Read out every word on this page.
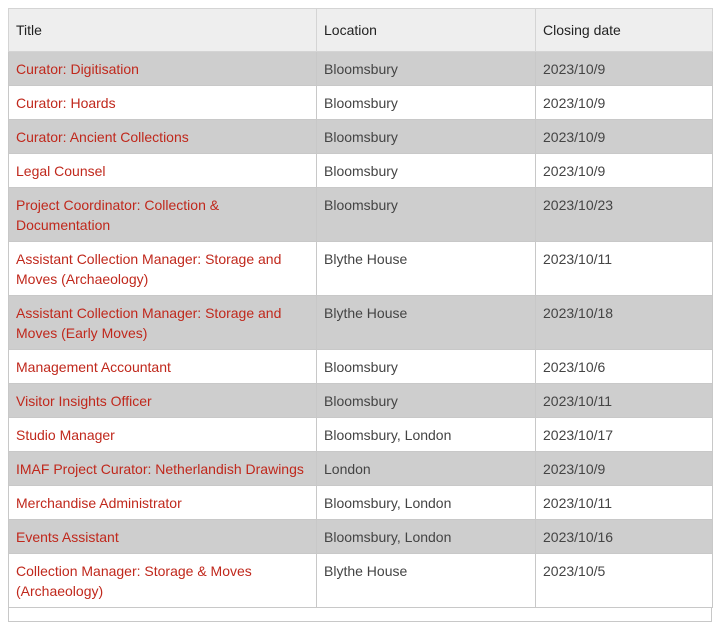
Title	Location	Closing date
Curator: Digitisation	Bloomsbury	2023/10/9
Curator: Hoards	Bloomsbury	2023/10/9
Curator: Ancient Collections	Bloomsbury	2023/10/9
Legal Counsel	Bloomsbury	2023/10/9
Project Coordinator: Collection & Documentation	Bloomsbury	2023/10/23
Assistant Collection Manager: Storage and Moves (Archaeology)	Blythe House	2023/10/11
Assistant Collection Manager: Storage and Moves (Early Moves)	Blythe House	2023/10/18
Management Accountant	Bloomsbury	2023/10/6
Visitor Insights Officer	Bloomsbury	2023/10/11
Studio Manager	Bloomsbury, London	2023/10/17
IMAF Project Curator: Netherlandish Drawings	London	2023/10/9
Merchandise Administrator	Bloomsbury, London	2023/10/11
Events Assistant	Bloomsbury, London	2023/10/16
Collection Manager: Storage & Moves (Archaeology)	Blythe House	2023/10/5
